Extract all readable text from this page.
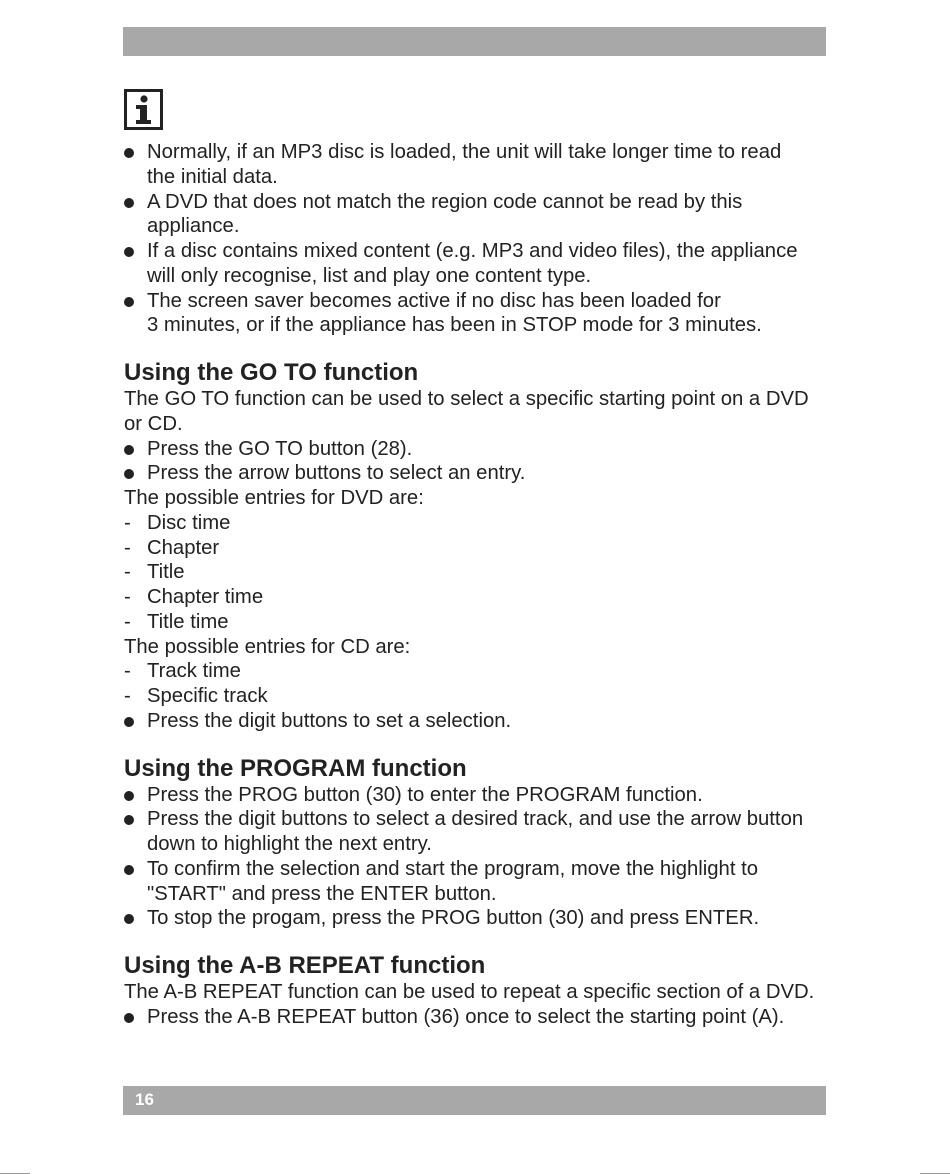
Normally, if an MP3 disc is loaded, the unit will take longer time to read
the initial data.
A DVD that does not match the region code cannot be read by this
appliance.
If a disc contains mixed content (e.g. MP3 and video files), the appliance
will only recognise, list and play one content type.
The screen saver becomes active if no disc has been loaded for
3 minutes, or if the appliance has been in STOP mode for 3 minutes.
Using the GO TO function
The GO TO function can be used to select a specific starting point on a DVD
or CD.
Press the GO TO button (28).
Press the arrow buttons to select an entry.
The possible entries for DVD are:
- Disc time
- Chapter
- Title
- Chapter time
- Title time
The possible entries for CD are:
- Track time
- Specific track
Press the digit buttons to set a selection.
Using the PROGRAM function
Press the PROG button (30) to enter the PROGRAM function.
Press the digit buttons to select a desired track, and use the arrow button
down to highlight the next entry.
To confirm the selection and start the program, move the highlight to
"START" and press the ENTER button.
To stop the progam, press the PROG button (30) and press ENTER.
Using the A-B REPEAT function
The A-B REPEAT function can be used to repeat a specific section of a DVD.
Press the A-B REPEAT button (36) once to select the starting point (A).
16
